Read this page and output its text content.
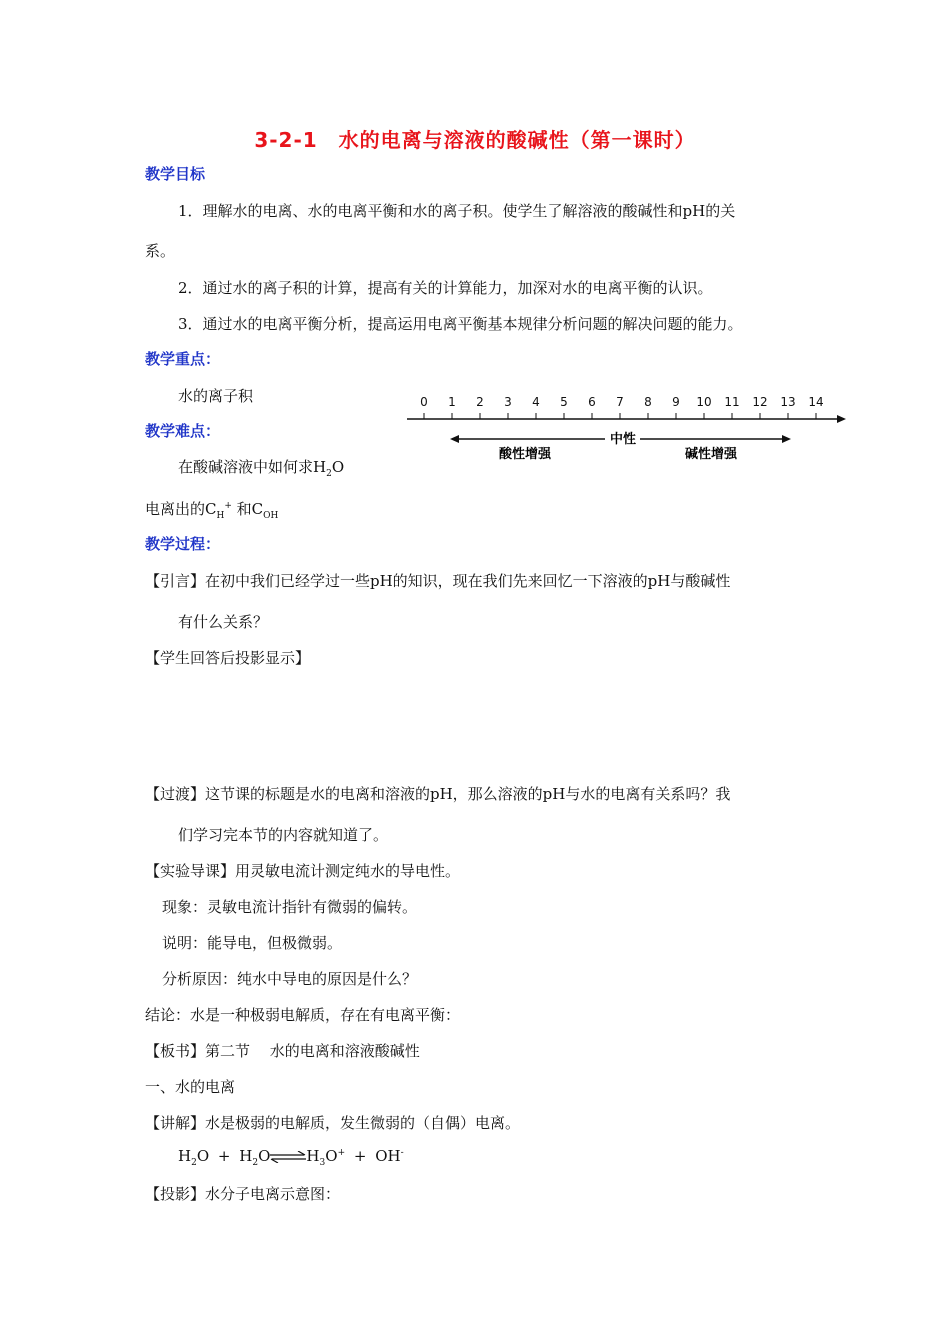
3-2-1　水的电离与溶液的酸碱性（第一课时）
教学目标
1．理解水的电离、水的电离平衡和水的离子积。使学生了解溶液的酸碱性和pH的关
系。
2．通过水的离子积的计算，提高有关的计算能力，加深对水的电离平衡的认识。
3．通过水的电离平衡分析，提高运用电离平衡基本规律分析问题的解决问题的能力。
教学重点：
水的离子积
教学难点：
在酸碱溶液中如何求$H_2O$
电离出的$C_H^+$ 和$C_{OH}$
0 1 2 3 4 5 6 7 8 9 10 11 12 13 14
中性
酸性增强	碱性增强
教学过程：
【引言】在初中我们已经学过一些pH的知识，现在我们先来回忆一下溶液的pH与酸碱性
有什么关系？
【学生回答后投影显示】
【过渡】这节课的标题是水的电离和溶液的pH，那么溶液的pH与水的电离有关系吗？我
们学习完本节的内容就知道了。
【实验导课】用灵敏电流计测定纯水的导电性。
现象：灵敏电流计指针有微弱的偏转。
说明：能导电，但极微弱。
分析原因：纯水中导电的原因是什么？
结论：水是一种极弱电解质，存在有电离平衡：
【板书】第二节　 水的电离和溶液酸碱性
一、水的电离
【讲解】水是极弱的电解质，发生微弱的（自偶）电离。
$H_2O$ + $H_2O\rightleftharpoons H_3O^+ + OH^-$
【投影】水分子电离示意图：
